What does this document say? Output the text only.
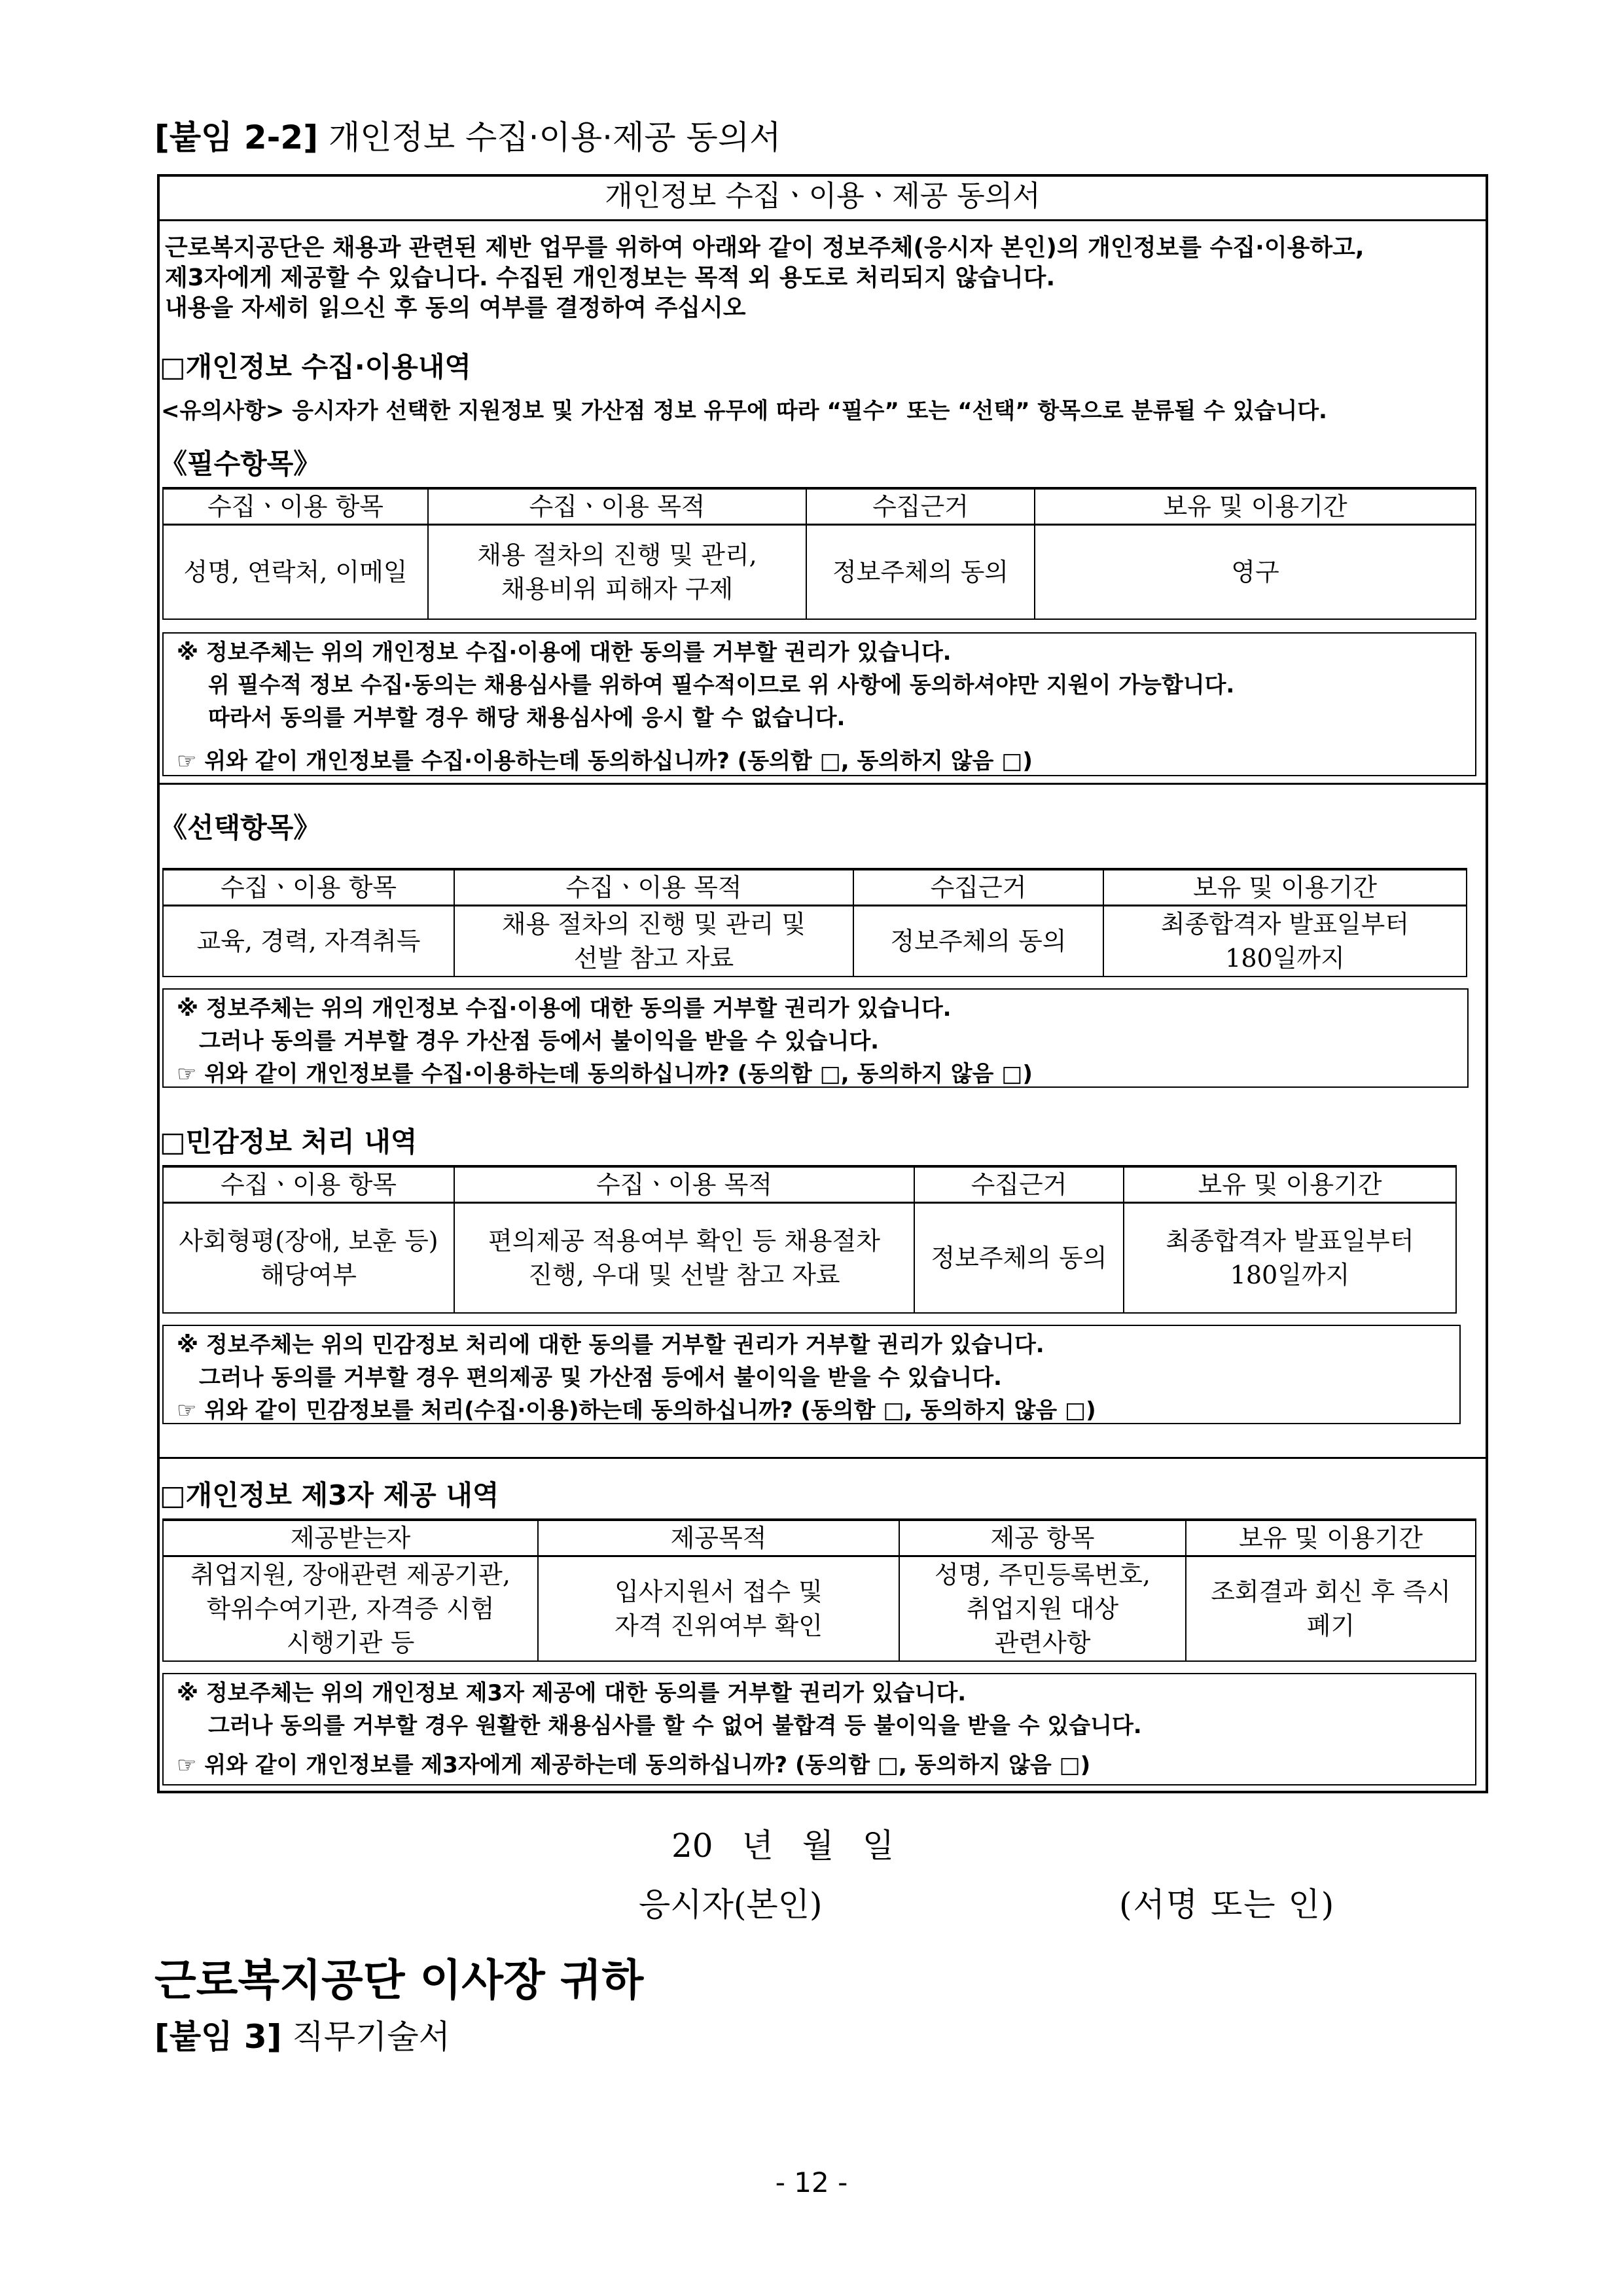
[붙임 2-2] 개인정보 수집·이용·제공 동의서
개인정보 수집ㆍ이용ㆍ제공 동의서

근로복지공단은 채용과 관련된 제반 업무를 위하여 아래와 같이 정보주체(응시자 본인)의 개인정보를 수집·이용하고,

제3자에게 제공할 수 있습니다. 수집된 개인정보는 목적 외 용도로 처리되지 않습니다.

내용을 자세히 읽으신 후 동의 여부를 결정하여 주십시오

□개인정보 수집·이용내역
<유의사항> 응시자가 선택한 지원정보 및 가산점 정보 유무에 따라 “필수” 또는 “선택” 항목으로 분류될 수 있습니다.
《필수항목》
수집ㆍ이용 항목	수집ㆍ이용 목적	수집근거	보유 및 이용기간
성명, 연락처, 이메일	채용 절차의 진행 및 관리,
채용비위 피해자 구제	정보주체의 동의	영구

※ 정보주체는 위의 개인정보 수집·이용에 대한 동의를 거부할 권리가 있습니다.

위 필수적 정보 수집·동의는 채용심사를 위하여 필수적이므로 위 사항에 동의하셔야만 지원이 가능합니다.

따라서 동의를 거부할 경우 해당 채용심사에 응시 할 수 없습니다.

☞ 위와 같이 개인정보를 수집·이용하는데 동의하십니까? (동의함 □, 동의하지 않음 □)

《선택항목》
수집ㆍ이용 항목	수집ㆍ이용 목적	수집근거	보유 및 이용기간
교육, 경력, 자격취득	채용 절차의 진행 및 관리 및
선발 참고 자료	정보주체의 동의	최종합격자 발표일부터
180일까지

※ 정보주체는 위의 개인정보 수집·이용에 대한 동의를 거부할 권리가 있습니다.

그러나 동의를 거부할 경우 가산점 등에서 불이익을 받을 수 있습니다.

☞ 위와 같이 개인정보를 수집·이용하는데 동의하십니까? (동의함 □, 동의하지 않음 □)

□민감정보 처리 내역
수집ㆍ이용 항목	수집ㆍ이용 목적	수집근거	보유 및 이용기간
사회형평(장애, 보훈 등)
해당여부	편의제공 적용여부 확인 등 채용절차
진행, 우대 및 선발 참고 자료	정보주체의 동의	최종합격자 발표일부터
180일까지

※ 정보주체는 위의 민감정보 처리에 대한 동의를 거부할 권리가 거부할 권리가 있습니다.

그러나 동의를 거부할 경우 편의제공 및 가산점 등에서 불이익을 받을 수 있습니다.

☞ 위와 같이 민감정보를 처리(수집·이용)하는데 동의하십니까? (동의함 □, 동의하지 않음 □)

□개인정보 제3자 제공 내역
제공받는자	제공목적	제공 항목	보유 및 이용기간
취업지원, 장애관련 제공기관,
학위수여기관, 자격증 시험
시행기관 등	입사지원서 접수 및
자격 진위여부 확인	성명, 주민등록번호,
취업지원 대상
관련사항	조회결과 회신 후 즉시
폐기

※ 정보주체는 위의 개인정보 제3자 제공에 대한 동의를 거부할 권리가 있습니다.

그러나 동의를 거부할 경우 원활한 채용심사를 할 수 없어 불합격 등 불이익을 받을 수 있습니다.

☞ 위와 같이 개인정보를 제3자에게 제공하는데 동의하십니까? (동의함 □, 동의하지 않음 □)

20 년 월 일
응시자(본인)	(서명 또는 인)
근로복지공단 이사장 귀하
[붙임 3] 직무기술서
- 12 -
